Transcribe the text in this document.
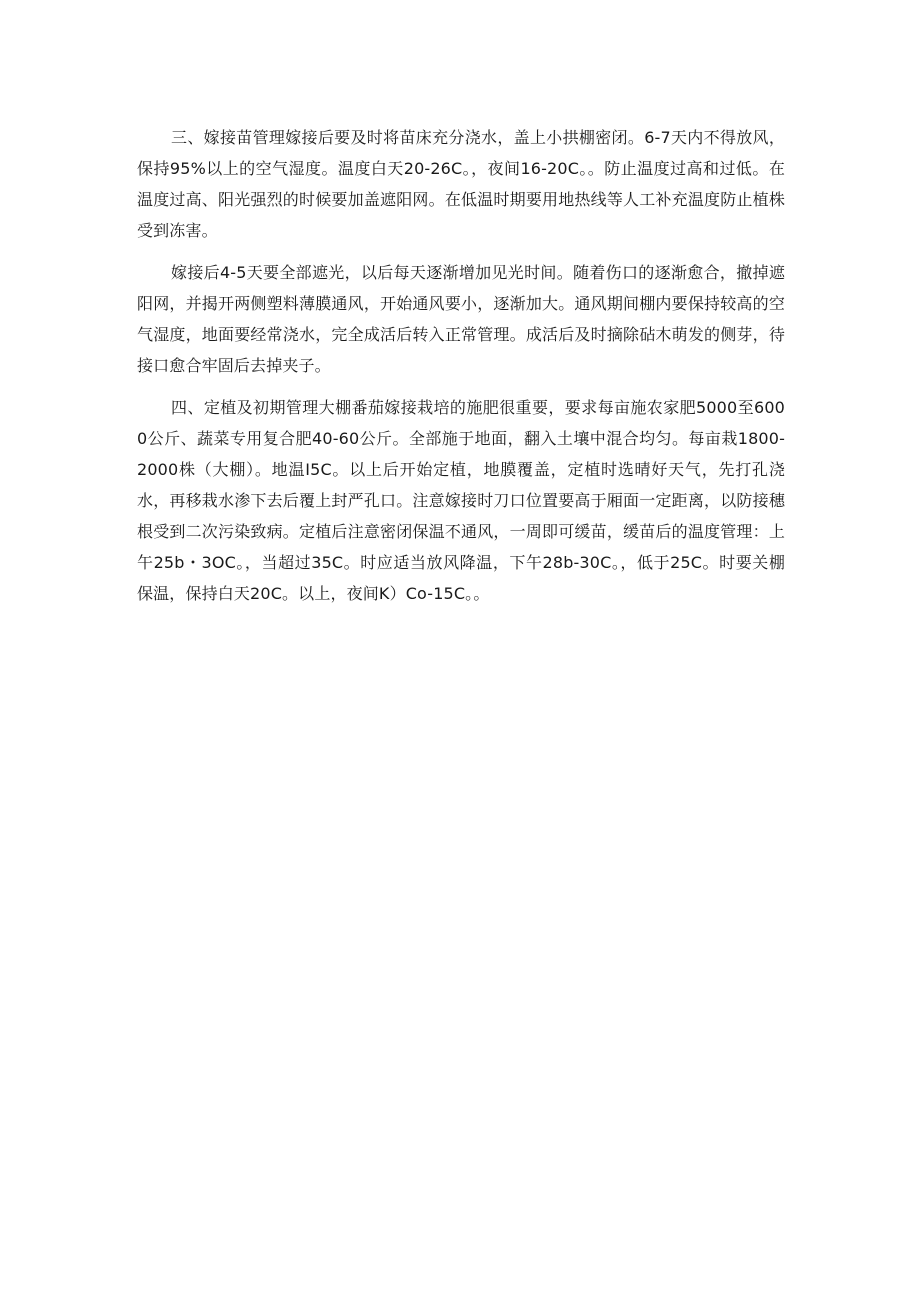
三、嫁接苗管理嫁接后要及时将苗床充分浇水，盖上小拱棚密闭。6-7天内不得放风，保持95%以上的空气湿度。温度白天20-26C。，夜间16-20C。。防止温度过高和过低。在温度过高、阳光强烈的时候要加盖遮阳网。在低温时期要用地热线等人工补充温度防止植株受到冻害。

嫁接后4-5天要全部遮光，以后每天逐渐增加见光时间。随着伤口的逐渐愈合，撤掉遮阳网，并揭开两侧塑料薄膜通风，开始通风要小，逐渐加大。通风期间棚内要保持较高的空气湿度，地面要经常浇水，完全成活后转入正常管理。成活后及时摘除砧木萌发的侧芽，待接口愈合牢固后去掉夹子。

四、定植及初期管理大棚番茄嫁接栽培的施肥很重要，要求每亩施农家肥5000至6000公斤、蔬菜专用复合肥40-60公斤。全部施于地面，翻入土壤中混合均匀。每亩栽1800-2000株（大棚）。地温I5C。以上后开始定植，地膜覆盖，定植时选晴好天气，先打孔浇水，再移栽水渗下去后覆上封严孔口。注意嫁接时刀口位置要高于厢面一定距离，以防接穗根受到二次污染致病。定植后注意密闭保温不通风，一周即可缓苗，缓苗后的温度管理：上午25b・3OC。，当超过35C。时应适当放风降温，下午28b-30C。，低于25C。时要关棚保温，保持白天20C。以上，夜间K）Co-15C。。
